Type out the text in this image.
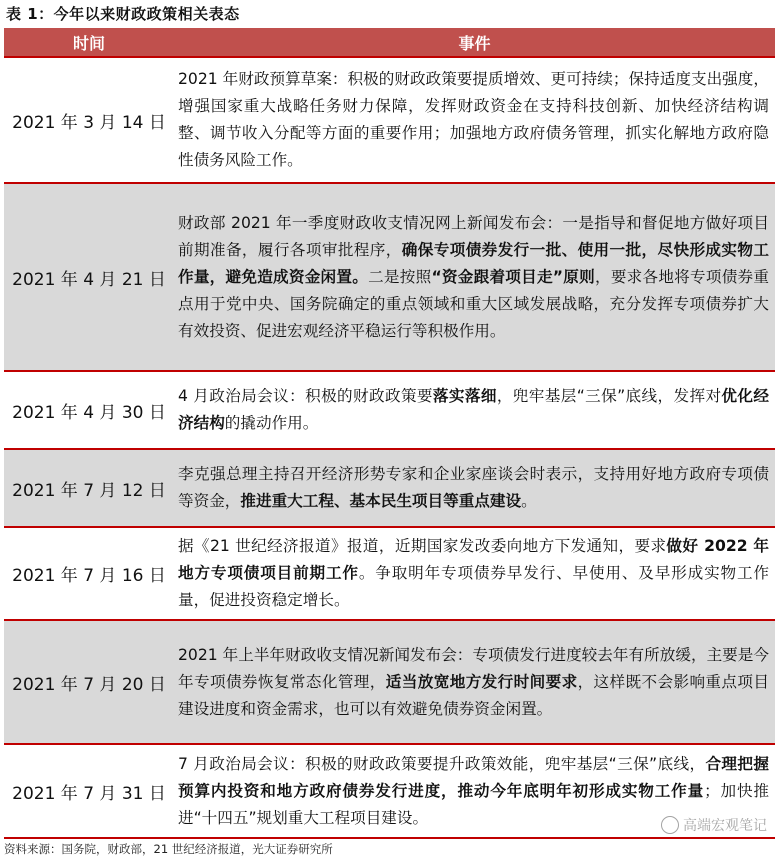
表 1：今年以来财政政策相关表态
时间	事件
2021 年 3 月 14 日	2021 年财政预算草案：积极的财政政策要提质增效、更可持续；保持适度支出强度，增强国家重大战略任务财力保障，发挥财政资金在支持科技创新、加快经济结构调整、调节收入分配等方面的重要作用；加强地方政府债务管理，抓实化解地方政府隐性债务风险工作。
2021 年 4 月 21 日	财政部 2021 年一季度财政收支情况网上新闻发布会：一是指导和督促地方做好项目前期准备，履行各项审批程序，确保专项债券发行一批、使用一批，尽快形成实物工作量，避免造成资金闲置。二是按照“资金跟着项目走”原则，要求各地将专项债券重点用于党中央、国务院确定的重点领域和重大区域发展战略，充分发挥专项债券扩大有效投资、促进宏观经济平稳运行等积极作用。
2021 年 4 月 30 日	4 月政治局会议：积极的财政政策要落实落细，兜牢基层“三保”底线，发挥对优化经济结构的撬动作用。
2021 年 7 月 12 日	李克强总理主持召开经济形势专家和企业家座谈会时表示，支持用好地方政府专项债等资金，推进重大工程、基本民生项目等重点建设。
2021 年 7 月 16 日	据《21 世纪经济报道》报道，近期国家发改委向地方下发通知，要求做好 2022 年地方专项债项目前期工作。争取明年专项债券早发行、早使用、及早形成实物工作量，促进投资稳定增长。
2021 年 7 月 20 日	2021 年上半年财政收支情况新闻发布会：专项债发行进度较去年有所放缓，主要是今年专项债券恢复常态化管理，适当放宽地方发行时间要求，这样既不会影响重点项目建设进度和资金需求，也可以有效避免债券资金闲置。
2021 年 7 月 31 日	7 月政治局会议：积极的财政政策要提升政策效能，兜牢基层“三保”底线，合理把握预算内投资和地方政府债券发行进度，推动今年底明年初形成实物工作量；加快推进“十四五”规划重大工程项目建设。
资料来源：国务院，财政部，21 世纪经济报道，光大证券研究所
高端宏观笔记
